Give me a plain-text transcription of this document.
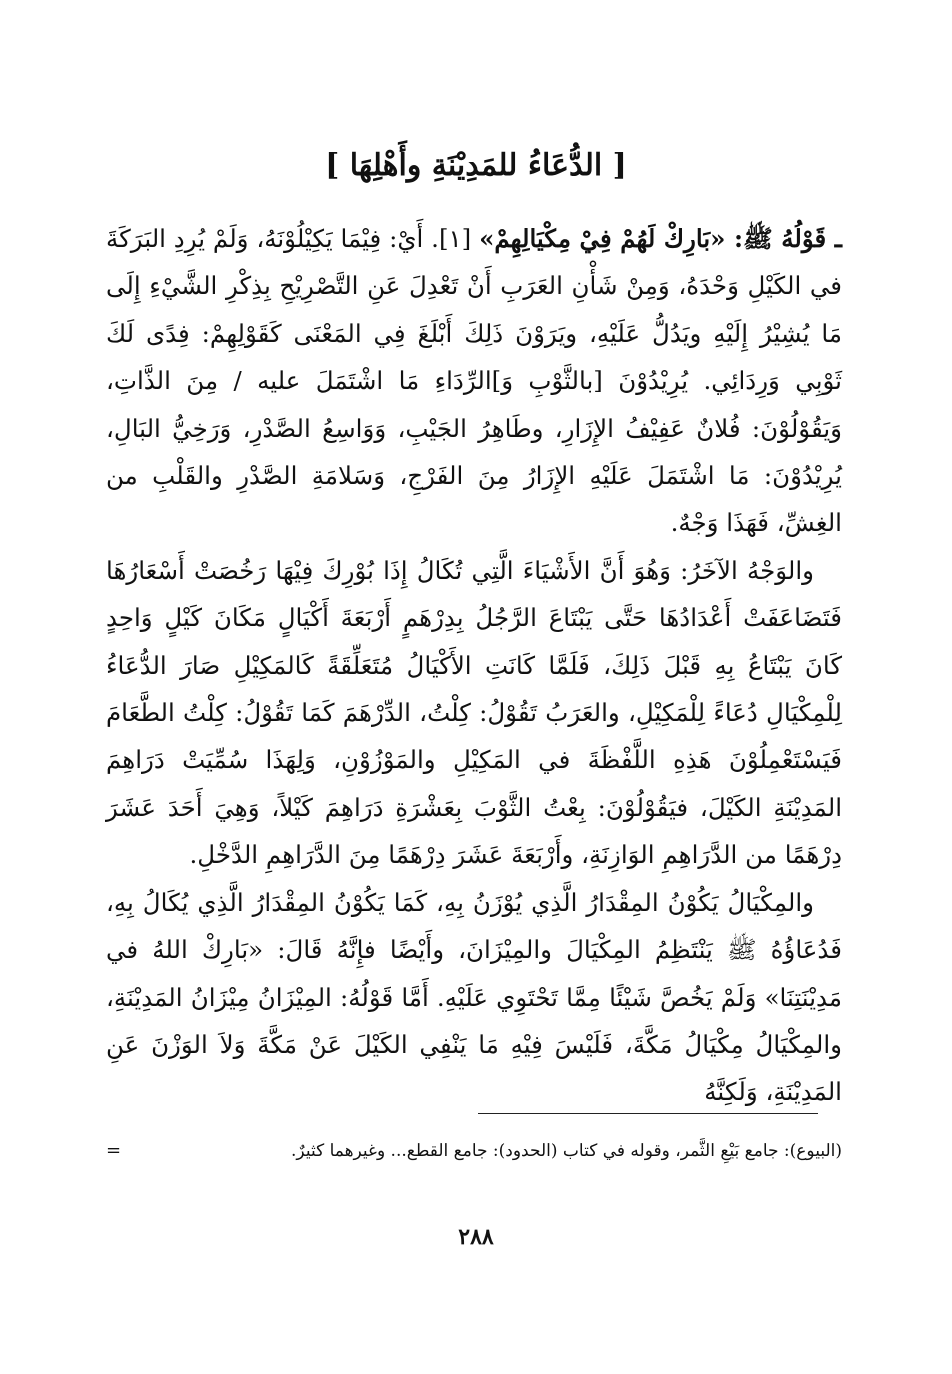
[ الدُّعَاءُ للمَدِيْنَةِ وأَهْلِهَا ]

ـ قَوْلُهُ ﷺ: «بَارِكْ لَهُمْ فِيْ مِكْيَالِهِمْ» [١]. أَيْ: فِيْمَا يَكِيْلُوْنَهُ، وَلَمْ يُرِدِ البَرَكَةَ في الكَيْلِ وَحْدَهُ، وَمِنْ شَأْنِ العَرَبِ أَنْ تَعْدِلَ عَنِ التَّصْرِيْحِ بِذِكْرِ الشَّيْءِ إِلَى مَا يُشِيْرُ إِلَيْهِ ويَدُلُّ عَلَيْهِ، ويَرَوْنَ ذَلِكَ أَبْلَغَ فِي المَعْنَى كَقَوْلِهِمْ: فِدًى لَكَ ثَوْبِي وَرِدَائِي. يُرِيْدُوْنَ [بالثَّوْبِ وَ]الرِّدَاءِ مَا اشْتَمَلَ عليه / مِنَ الذَّاتِ، وَيَقُوْلُوْنَ: فُلانٌ عَفِيْفُ الإِزَارِ، وطَاهِرُ الجَيْبِ، وَوَاسِعُ الصَّدْرِ، وَرَخِيُّ البَالِ، يُرِيْدُوْنَ: مَا اشْتَمَلَ عَلَيْهِ الإِزَارُ مِنَ الفَرْجِ، وَسَلامَةِ الصَّدْرِ والقَلْبِ من الغِشِّ، فَهَذَا وَجْهٌ.

والوَجْهُ الآخَرُ: وَهُوَ أَنَّ الأَشْيَاءَ الَّتِي تُكَالُ إِذَا بُوْرِكَ فِيْهَا رَخُصَتْ أَسْعَارُهَا فَتَضَاعَفَتْ أَعْدَادُهَا حَتَّى يَبْتَاعَ الرَّجُلُ بِدِرْهَمٍ أَرْبَعَةَ أَكْيَالٍ مَكَانَ كَيْلٍ وَاحِدٍ كَانَ يَبْتَاعُ بِهِ قَبْلَ ذَلِكَ، فَلَمَّا كَانَتِ الأَكْيَالُ مُتَعَلِّقَةً كَالمَكِيْلِ صَارَ الدُّعَاءُ لِلْمِكْيَالِ دُعَاءً لِلْمَكِيْلِ، والعَرَبُ تَقُوْلُ: كِلْتُ، الدِّرْهَمَ كَمَا تَقُوْلُ: كِلْتُ الطَّعَامَ فَيَسْتَعْمِلُوْنَ هَذِهِ اللَّفْظَةَ في المَكِيْلِ والمَوْزُوْنِ، وَلِهَذَا سُمِّيَتْ دَرَاهِمَ المَدِيْنَةِ الكَيْلَ، فيَقُوْلُوْنَ: بِعْتُ الثَّوْبَ بِعَشْرَةِ دَرَاهِمَ كَيْلاً، وَهِيَ أَحَدَ عَشَرَ دِرْهَمًا من الدَّرَاهِمِ الوَازِنَةِ، وأَرْبَعَةَ عَشَرَ دِرْهَمًا مِنَ الدَّرَاهِمِ الدَّخْلِ.

والمِكْيَالُ يَكُوْنُ المِقْدَارُ الَّذِي يُوْزَنُ بِهِ، كَمَا يَكُوْنُ المِقْدَارُ الَّذِي يُكَالُ بِهِ، فَدُعَاؤُهُ ﷺ يَنْتَظِمُ المِكْيَالَ والمِيْزَانَ، وأَيْضًا فإِنَّهُ قَالَ: «بَارِكْ اللهُ في مَدِيْنَتِنَا» وَلَمْ يَخُصَّ شَيْئًا مِمَّا تَحْتَوِي عَلَيْهِ. أَمَّا قَوْلُهُ: المِيْزَانُ مِيْزَانُ المَدِيْنَةِ، والمِكْيَالُ مِكْيَالُ مَكَّةَ، فَلَيْسَ فِيْهِ مَا يَنْفِي الكَيْلَ عَنْ مَكَّةَ وَلاَ الوَزْنَ عَنِ المَدِيْنَةِ، وَلَكِنَّهُ

(البيوع): جامع بَيْعِ الثَّمر، وقوله في كتاب (الحدود): جامع القطع... وغيرهما كثيرٌ.
=
٢٨٨
